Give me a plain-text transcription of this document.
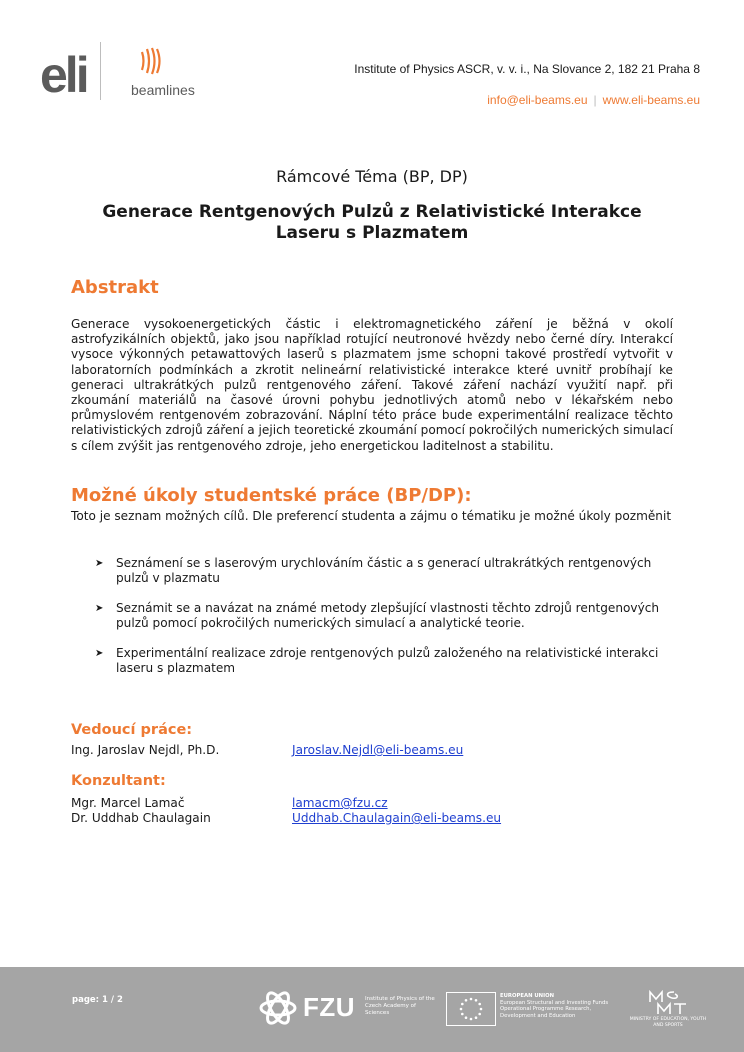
eli	beamlines
Institute of Physics ASCR, v. v. i., Na Slovance 2, 182 21 Praha 8
info@eli-beams.eu | www.eli-beams.eu
Rámcové Téma (BP, DP)
Generace Rentgenových Pulzů z Relativistické Interakce
Laseru s Plazmatem
Abstrakt
Generace vysokoenergetických částic i elektromagnetického záření je běžná v okolí astrofyzikálních objektů, jako jsou například rotující neutronové hvězdy nebo černé díry. Interakcí vysoce výkonných petawattových laserů s plazmatem jsme schopni takové prostředí vytvořit v laboratorních podmínkách a zkrotit nelineární relativistické interakce které uvnitř probíhají ke generaci ultrakrátkých pulzů rentgenového záření. Takové záření nachází využití např. při zkoumání materiálů na časové úrovni pohybu jednotlivých atomů nebo v lékařském nebo průmyslovém rentgenovém zobrazování. Náplní této práce bude experimentální realizace těchto relativistických zdrojů záření a jejich teoretické zkoumání pomocí pokročilých numerických simulací s cílem zvýšit jas rentgenového zdroje, jeho energetickou laditelnost a stabilitu.
Možné úkoly studentské práce (BP/DP):
Toto je seznam možných cílů. Dle preferencí studenta a zájmu o tématiku je možné úkoly pozměnit
➤ Seznámení se s laserovým urychlováním částic a s generací ultrakrátkých rentgenových pulzů v plazmatu
➤ Seznámit se a navázat na známé metody zlepšující vlastnosti těchto zdrojů rentgenových pulzů pomocí pokročilých numerických simulací a analytické teorie.
➤ Experimentální realizace zdroje rentgenových pulzů založeného na relativistické interakci laseru s plazmatem
Vedoucí práce:
Ing. Jaroslav Nejdl, Ph.D.	Jaroslav.Nejdl@eli-beams.eu
Konzultant:
Mgr. Marcel Lamač	lamacm@fzu.cz
Dr. Uddhab Chaulagain	Uddhab.Chaulagain@eli-beams.eu
page: 1 / 2	FZU Institute of Physics of the Czech Academy of Sciences
EUROPEAN UNION
European Structural and Investing Funds Operational Programme Research, Development and Education
MINISTRY OF EDUCATION, YOUTH AND SPORTS
